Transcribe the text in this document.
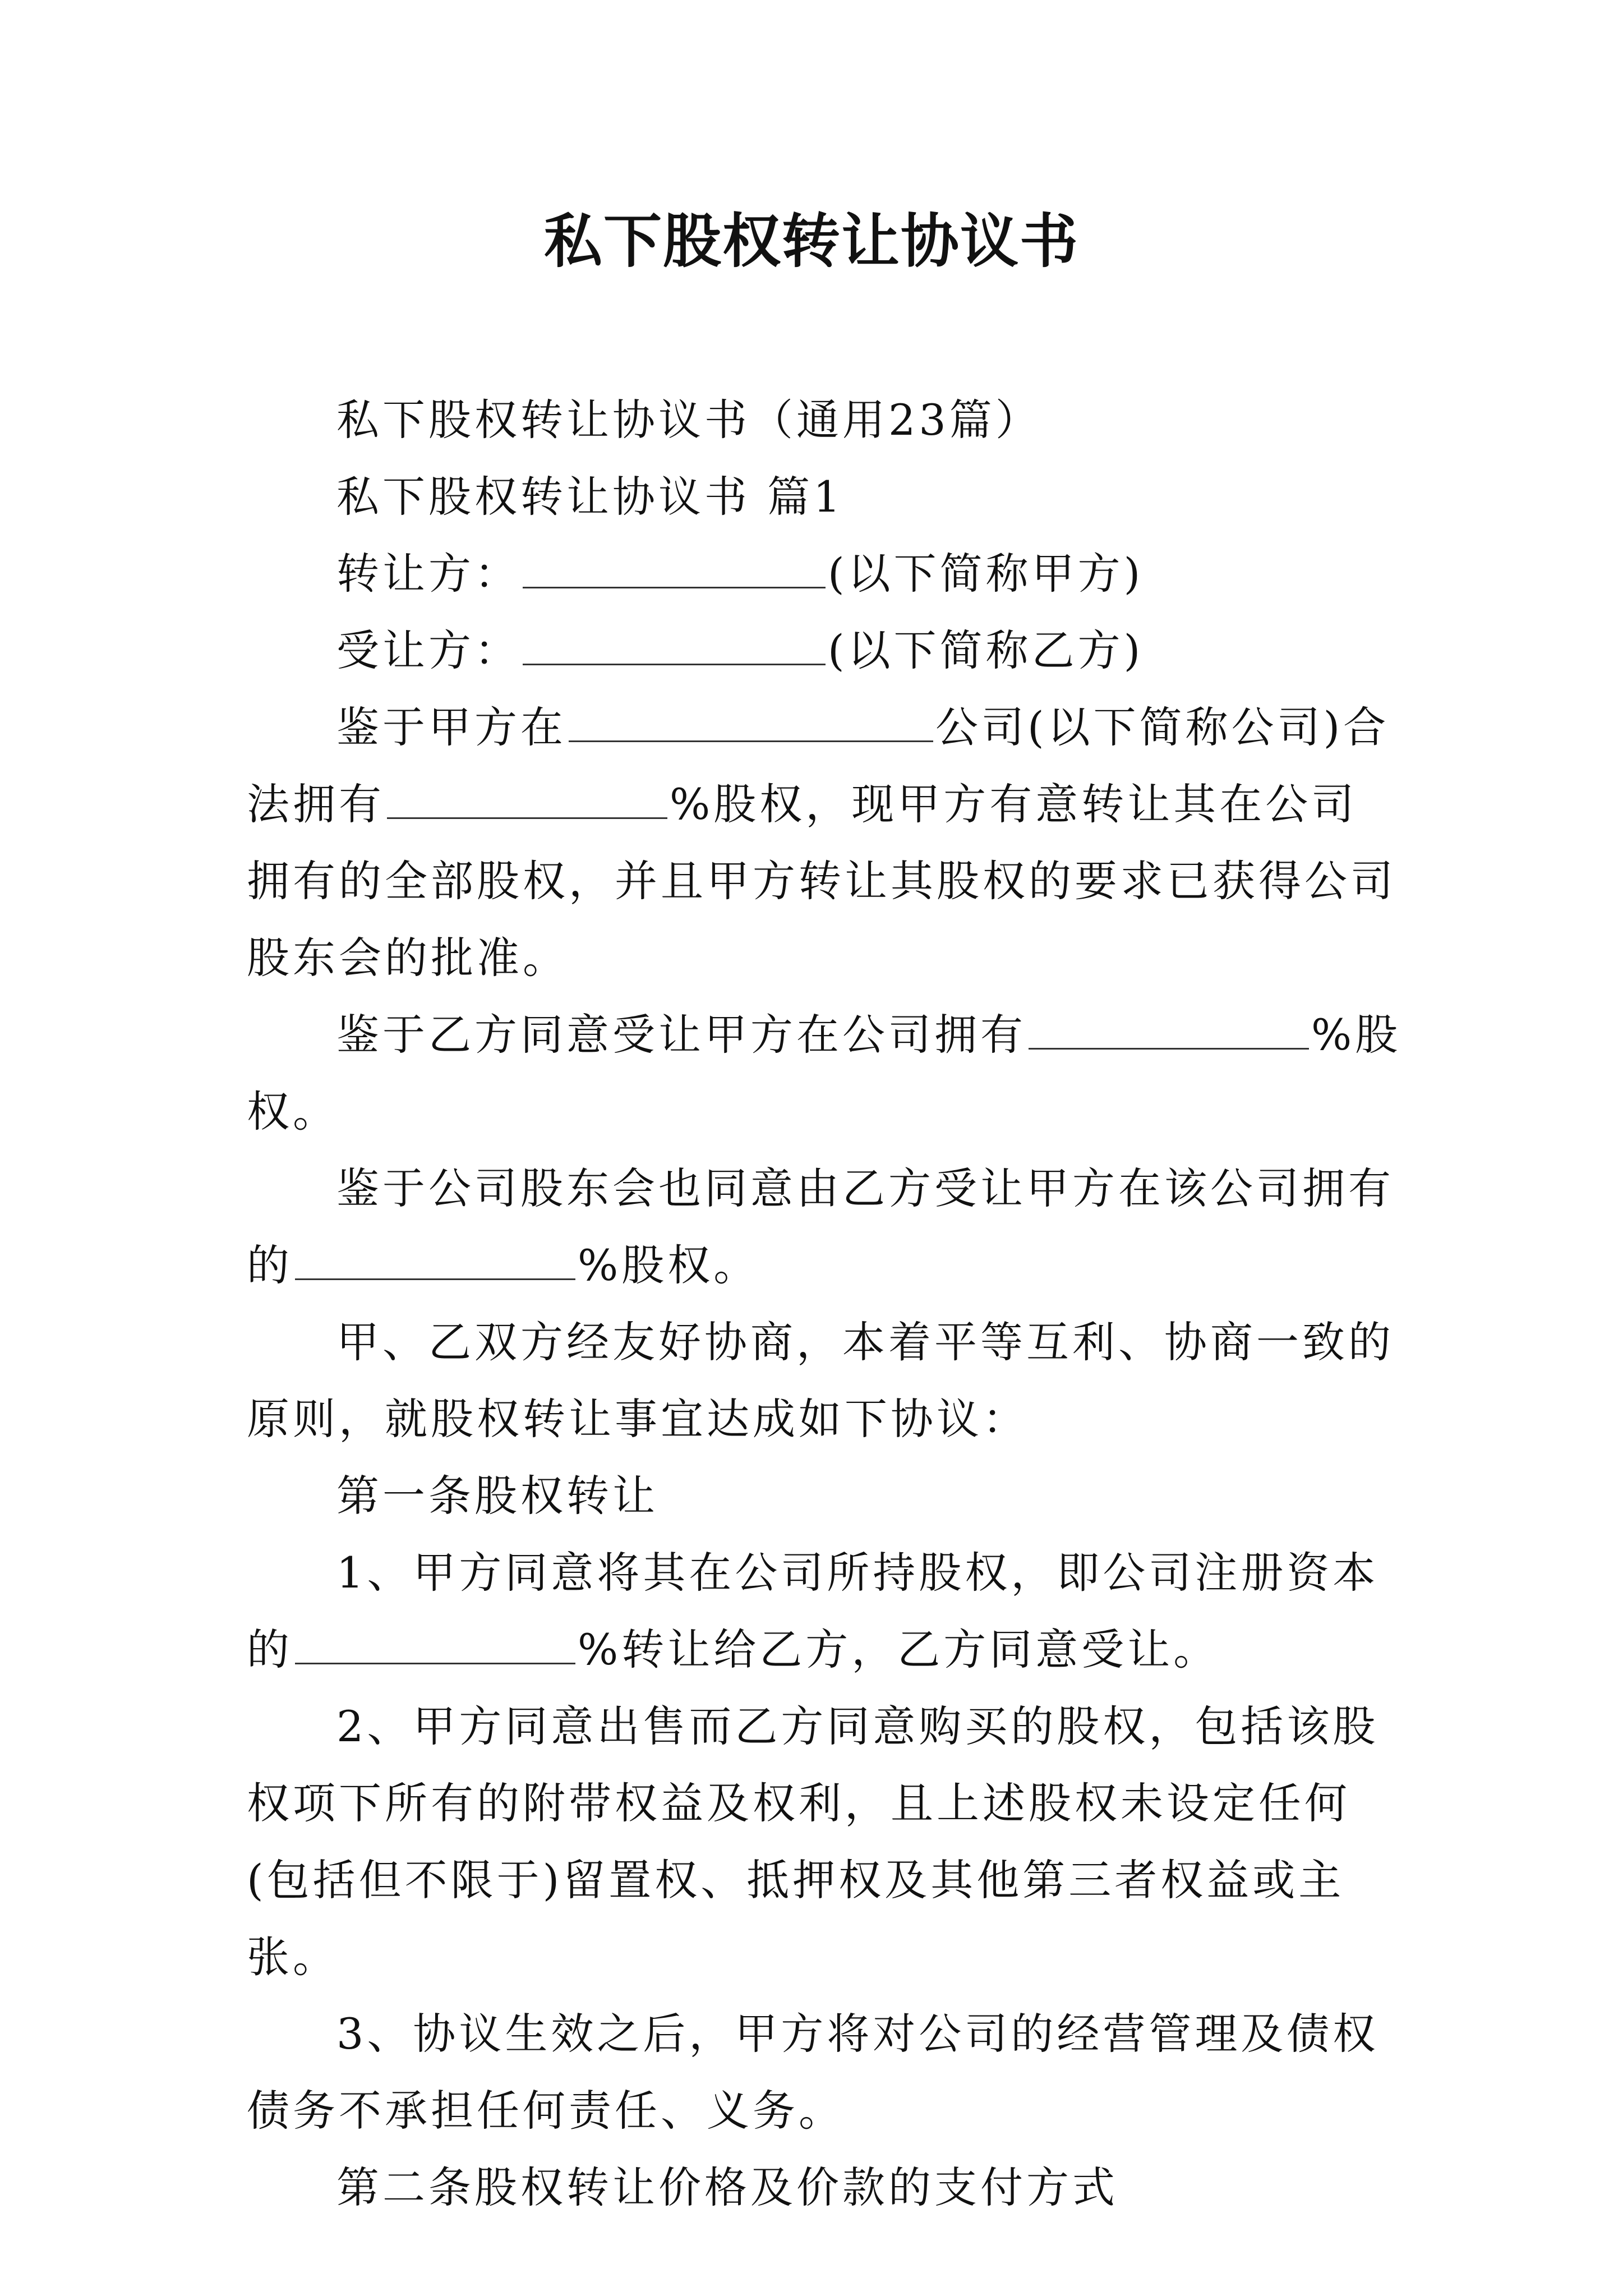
私下股权转让协议书

私下股权转让协议书（通用23篇）

私下股权转让协议书 篇1

转让方：	(以下简称甲方)

受让方：	(以下简称乙方)

鉴于甲方在	公司(以下简称公司)合法拥有	%股权，现甲方有意转让其在公司拥有的全部股权，并且甲方转让其股权的要求已获得公司股东会的批准。

鉴于乙方同意受让甲方在公司拥有	%股权。

鉴于公司股东会也同意由乙方受让甲方在该公司拥有的	%股权。

甲、乙双方经友好协商，本着平等互利、协商一致的原则，就股权转让事宜达成如下协议：

第一条股权转让

1、甲方同意将其在公司所持股权，即公司注册资本的	%转让给乙方，乙方同意受让。

2、甲方同意出售而乙方同意购买的股权，包括该股权项下所有的附带权益及权利，且上述股权未设定任何(包括但不限于)留置权、抵押权及其他第三者权益或主张。

3、协议生效之后，甲方将对公司的经营管理及债权债务不承担任何责任、义务。

第二条股权转让价格及价款的支付方式
